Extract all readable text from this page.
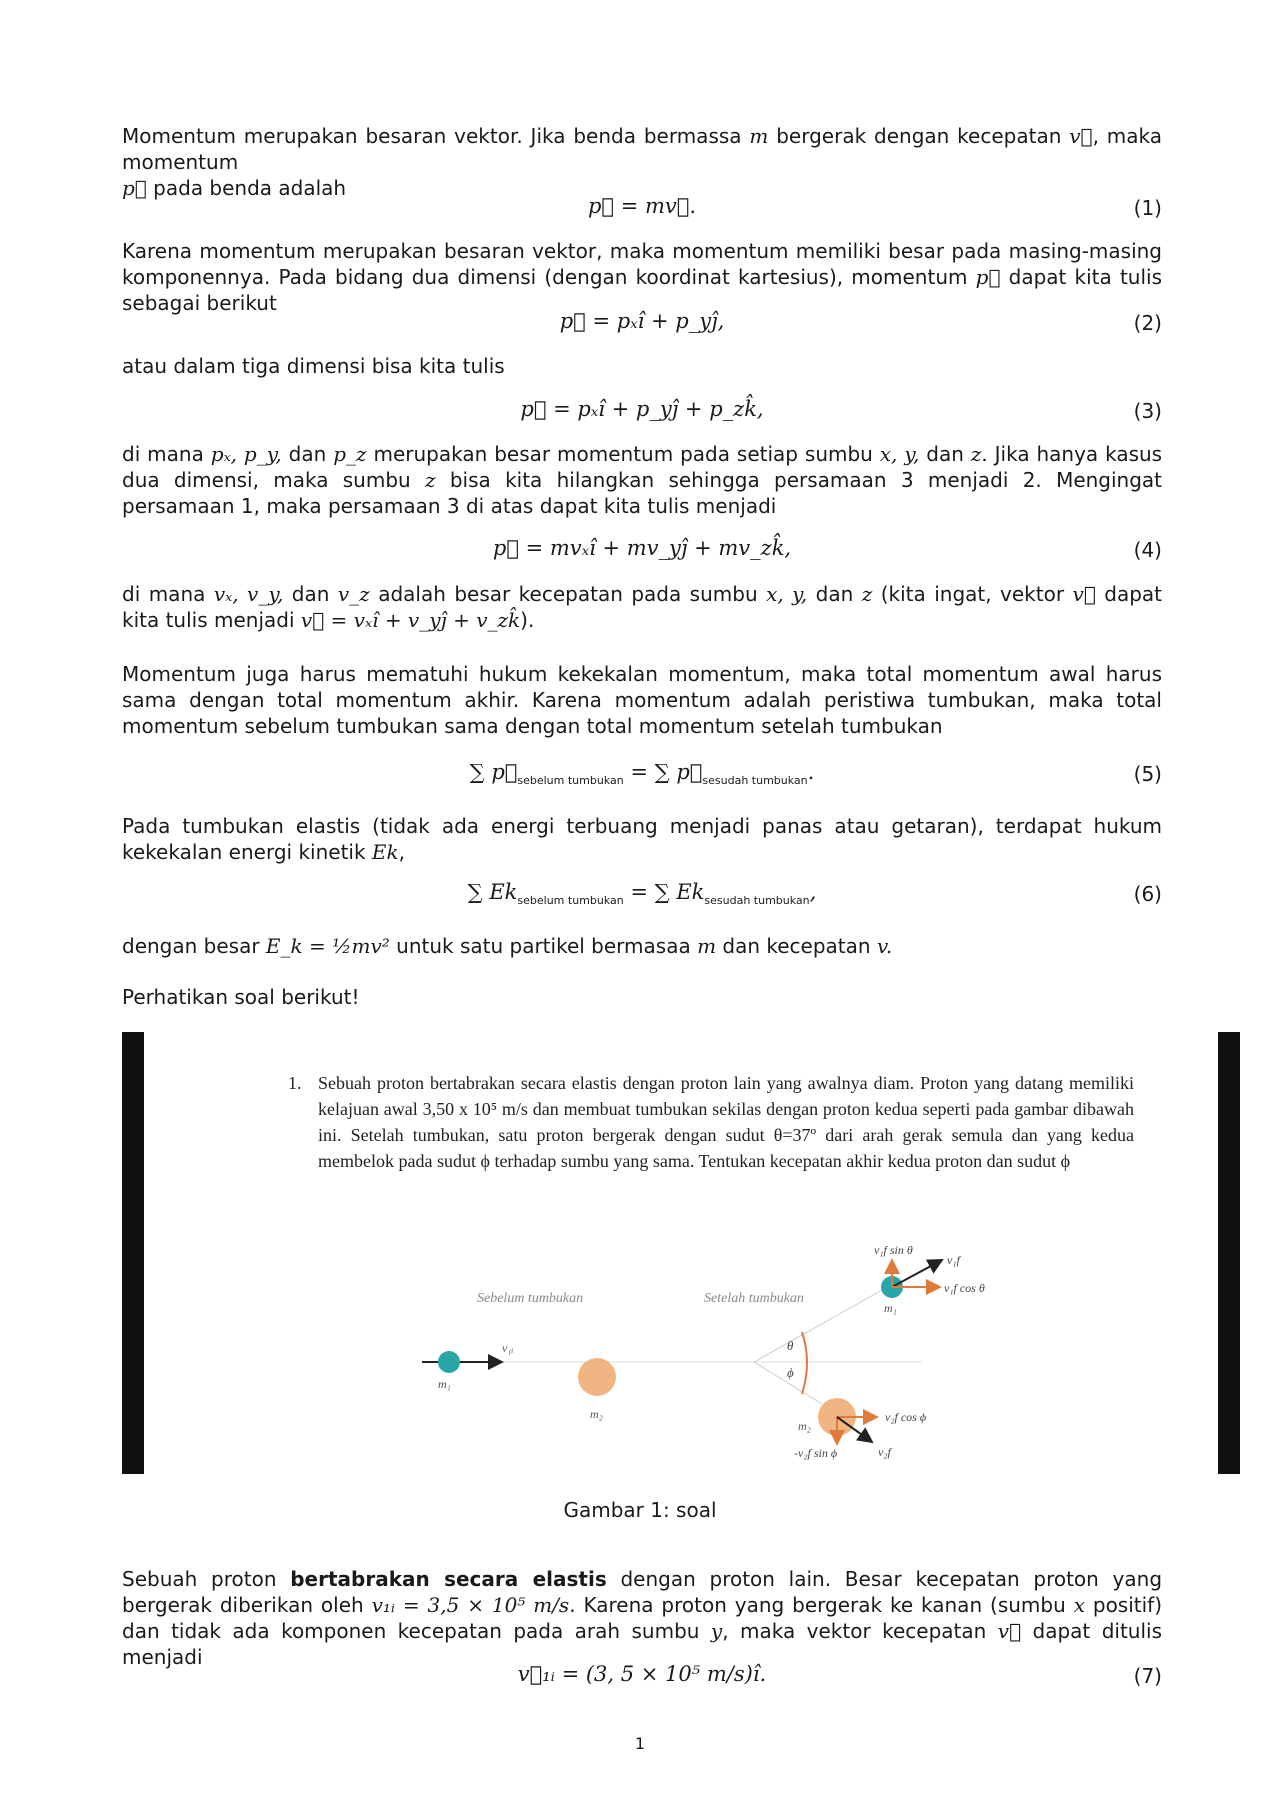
Momentum merupakan besaran vektor. Jika benda bermassa m bergerak dengan kecepatan v⃗, maka momentum
p⃗ pada benda adalah
p⃗ = mv⃗.	(1)
Karena momentum merupakan besaran vektor, maka momentum memiliki besar pada masing-masing komponennya. Pada bidang dua dimensi (dengan koordinat kartesius), momentum p⃗ dapat kita tulis sebagai berikut
p⃗ = pₓî + p_yĵ,	(2)
atau dalam tiga dimensi bisa kita tulis
p⃗ = pₓî + p_yĵ + p_zk̂,	(3)
di mana pₓ, p_y, dan p_z merupakan besar momentum pada setiap sumbu x, y, dan z. Jika hanya kasus dua dimensi, maka sumbu z bisa kita hilangkan sehingga persamaan 3 menjadi 2. Mengingat persamaan 1, maka persamaan 3 di atas dapat kita tulis menjadi
p⃗ = mvₓî + mv_yĵ + mv_zk̂,	(4)
di mana vₓ, v_y, dan v_z adalah besar kecepatan pada sumbu x, y, dan z (kita ingat, vektor v⃗ dapat kita tulis menjadi v⃗ = vₓî + v_yĵ + v_zk̂).
Momentum juga harus mematuhi hukum kekekalan momentum, maka total momentum awal harus sama dengan total momentum akhir. Karena momentum adalah peristiwa tumbukan, maka total momentum sebelum tumbukan sama dengan total momentum setelah tumbukan
∑ $p⃗_{sebelum tumbukan}$ = ∑ $p⃗_{sesudah tumbukan}$.	(5)
Pada tumbukan elastis (tidak ada energi terbuang menjadi panas atau getaran), terdapat hukum kekekalan energi kinetik Ek,
∑ $Ek_{sebelum tumbukan}$ = ∑ $Ek_{sesudah tumbukan}$,	(6)
dengan besar E_k = ½mv² untuk satu partikel bermasaa m dan kecepatan v.
Perhatikan soal berikut!
1. Sebuah proton bertabrakan secara elastis dengan proton lain yang awalnya diam. Proton yang datang memiliki kelajuan awal 3,50 x 10⁵ m/s dan membuat tumbukan sekilas dengan proton kedua seperti pada gambar dibawah ini. Setelah tumbukan, satu proton bergerak dengan sudut θ=37º dari arah gerak semula dan yang kedua membelok pada sudut ϕ terhadap sumbu yang sama. Tentukan kecepatan akhir kedua proton dan sudut ϕ
Sebelum tumbukan
m₁
v₁ᵢ
m₂
Setelah tumbukan
θ
ϕ
v₁f sin θ
v₁f
v₁f cos θ
m₁
m₂
v₂f cos ϕ
-v₂f sin ϕ	v₂f
Gambar 1: soal
Sebuah proton bertabrakan secara elastis dengan proton lain. Besar kecepatan proton yang bergerak diberikan oleh v₁ᵢ = 3,5 × 10⁵ m/s. Karena proton yang bergerak ke kanan (sumbu x positif) dan tidak ada komponen kecepatan pada arah sumbu y, maka vektor kecepatan v⃗ dapat ditulis menjadi
v⃗₁ᵢ = (3, 5 × 10⁵ m/s)î.	(7)
1
